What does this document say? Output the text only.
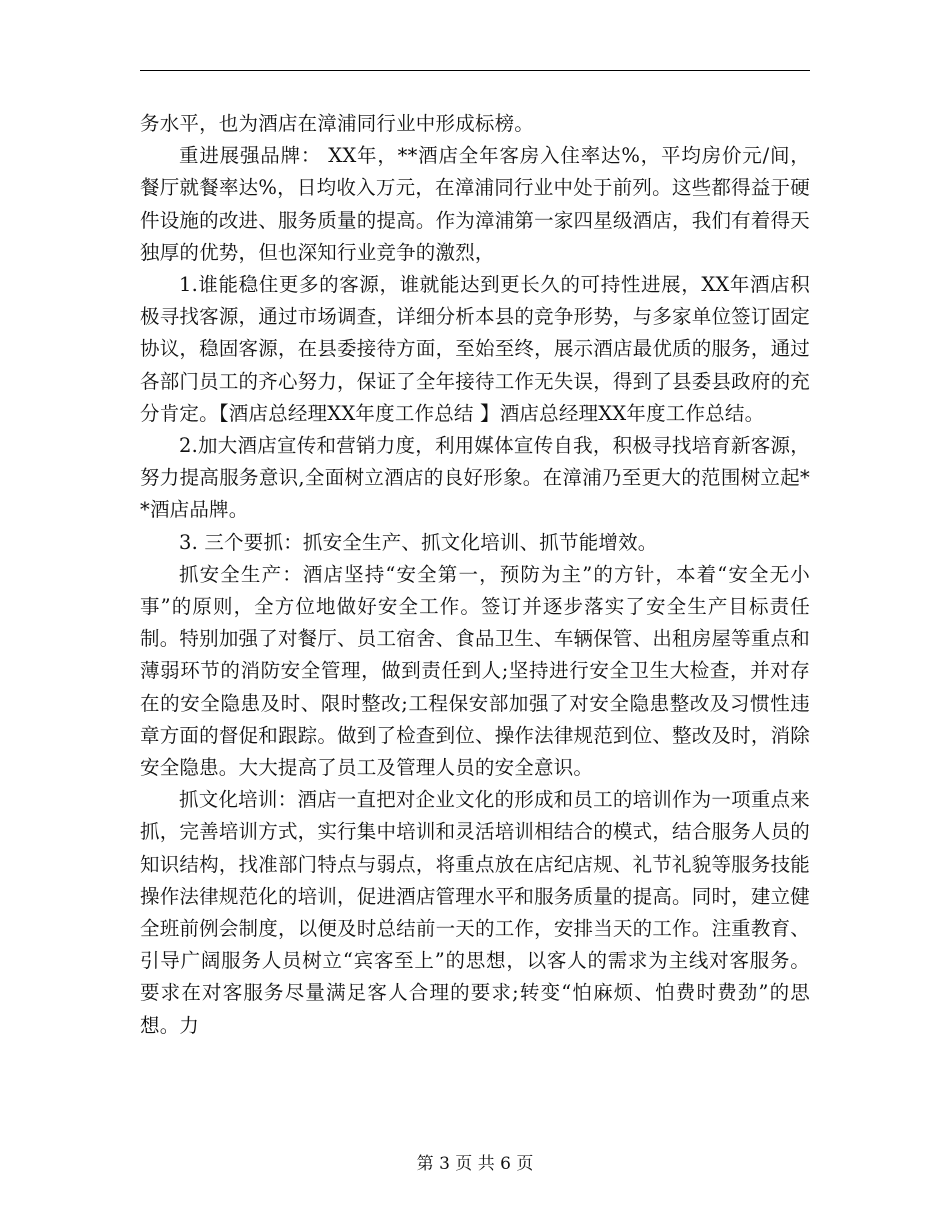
务水平，也为酒店在漳浦同行业中形成标榜。

重进展强品牌： XX年，**酒店全年客房入住率达%，平均房价元/间，餐厅就餐率达%，日均收入万元，在漳浦同行业中处于前列。这些都得益于硬件设施的改进、服务质量的提高。作为漳浦第一家四星级酒店，我们有着得天独厚的优势，但也深知行业竞争的激烈，

1.谁能稳住更多的客源，谁就能达到更长久的可持性进展，XX年酒店积极寻找客源，通过市场调查，详细分析本县的竞争形势，与多家单位签订固定协议，稳固客源，在县委接待方面，至始至终，展示酒店最优质的服务，通过各部门员工的齐心努力，保证了全年接待工作无失误，得到了县委县政府的充分肯定。【酒店总经理XX年度工作总结 】酒店总经理XX年度工作总结。

2.加大酒店宣传和营销力度，利用媒体宣传自我，积极寻找培育新客源，努力提高服务意识,全面树立酒店的良好形象。在漳浦乃至更大的范围树立起**酒店品牌。

3. 三个要抓：抓安全生产、抓文化培训、抓节能增效。

抓安全生产：酒店坚持“安全第一，预防为主”的方针，本着“安全无小事”的原则，全方位地做好安全工作。签订并逐步落实了安全生产目标责任制。特别加强了对餐厅、员工宿舍、食品卫生、车辆保管、出租房屋等重点和薄弱环节的消防安全管理，做到责任到人;坚持进行安全卫生大检查，并对存在的安全隐患及时、限时整改;工程保安部加强了对安全隐患整改及习惯性违章方面的督促和跟踪。做到了检查到位、操作法律规范到位、整改及时，消除安全隐患。大大提高了员工及管理人员的安全意识。

抓文化培训：酒店一直把对企业文化的形成和员工的培训作为一项重点来抓，完善培训方式，实行集中培训和灵活培训相结合的模式，结合服务人员的知识结构，找准部门特点与弱点，将重点放在店纪店规、礼节礼貌等服务技能操作法律规范化的培训，促进酒店管理水平和服务质量的提高。同时，建立健全班前例会制度，以便及时总结前一天的工作，安排当天的工作。注重教育、引导广阔服务人员树立“宾客至上”的思想，以客人的需求为主线对客服务。要求在对客服务尽量满足客人合理的要求;转变“怕麻烦、怕费时费劲”的思想。力

第 3 页 共 6 页
